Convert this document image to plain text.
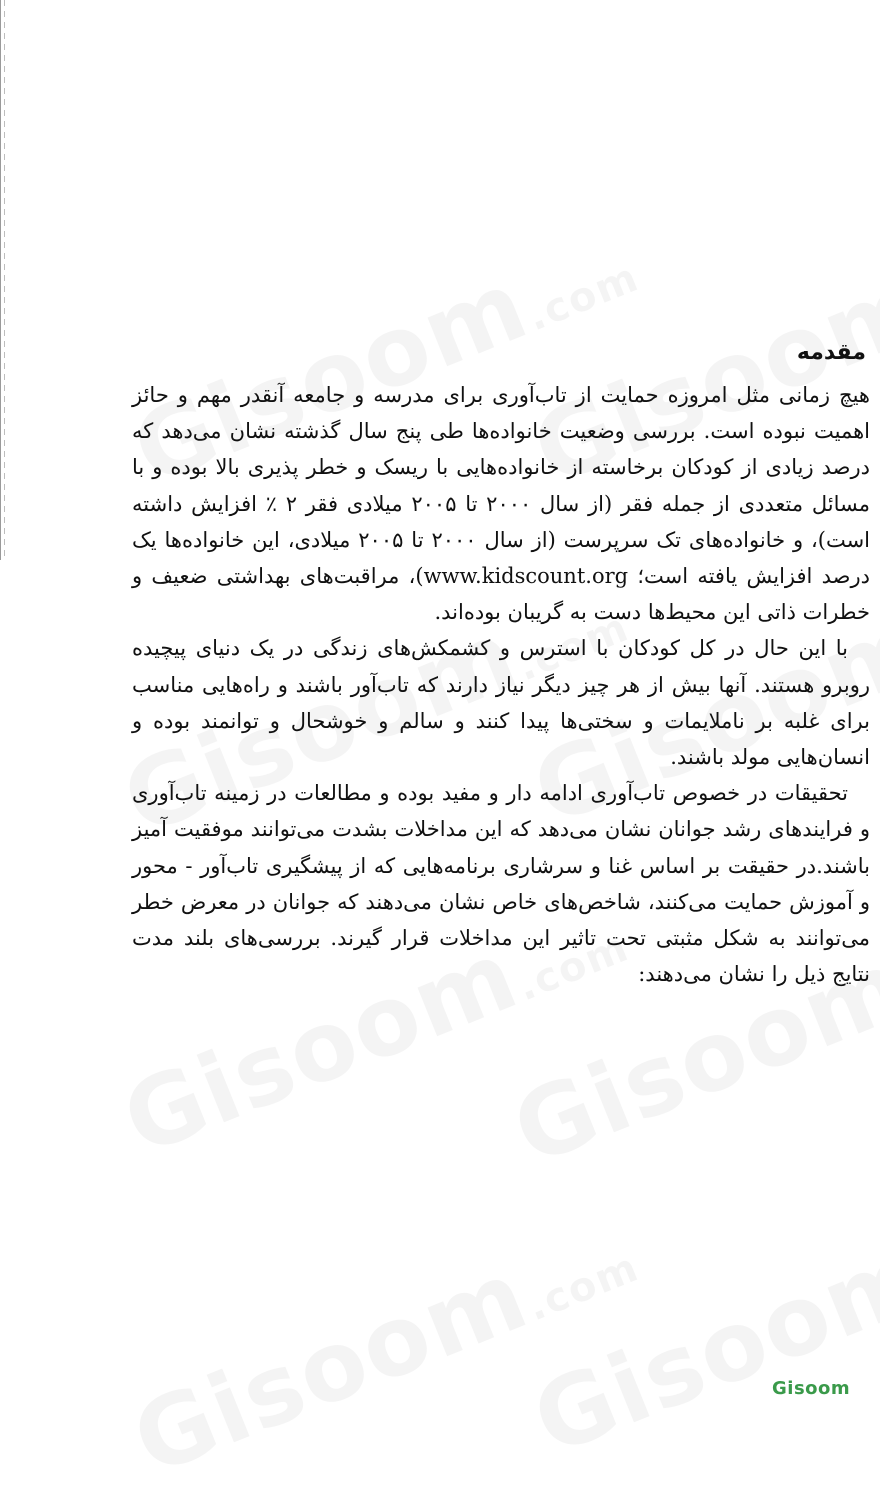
مقدمه

هیچ زمانی مثل امروزه حمایت از تاب‌آوری برای مدرسه و جامعه آنقدر مهم و حائز اهمیت نبوده است. بررسی وضعیت خانواده‌ها طی پنج سال گذشته نشان می‌دهد که درصد زیادی از کودکان برخاسته از خانواده‌هایی با ریسک و خطر پذیری بالا بوده و با مسائل متعددی از جمله فقر (از سال ۲۰۰۰ تا ۲۰۰۵ میلادی فقر ۲ ٪ افزایش داشته است)، و خانواده‌های تک سرپرست (از سال ۲۰۰۰ تا ۲۰۰۵ میلادی، این خانواده‌ها یک درصد افزایش یافته است؛ www.kidscount.org)، مراقبت‌های بهداشتی ضعیف و خطرات ذاتی این محیط‌ها دست به گریبان بوده‌اند.

با این حال در کل کودکان با استرس و کشمکش‌های زندگی در یک دنیای پیچیده روبرو هستند. آنها بیش از هر چیز دیگر نیاز دارند که تاب‌آور باشند و راه‌هایی مناسب برای غلبه بر ناملایمات و سختی‌ها پیدا کنند و سالم و خوشحال و توانمند بوده و انسان‌هایی مولد باشند.

تحقیقات در خصوص تاب‌آوری ادامه دار و مفید بوده و مطالعات در زمینه تاب‌آوری و فرایندهای رشد جوانان نشان می‌دهد که این مداخلات بشدت می‌توانند موفقیت آمیز باشند.در حقیقت بر اساس غنا و سرشاری برنامه‌هایی که از پیشگیری تاب‌آور - محور و آموزش حمایت می‌کنند، شاخص‌های خاص نشان می‌دهند که جوانان در معرض خطر می‌توانند به شکل مثبتی تحت تاثیر این مداخلات قرار گیرند. بررسی‌های بلند مدت نتایج ذیل را نشان می‌دهند:

Gisoom
